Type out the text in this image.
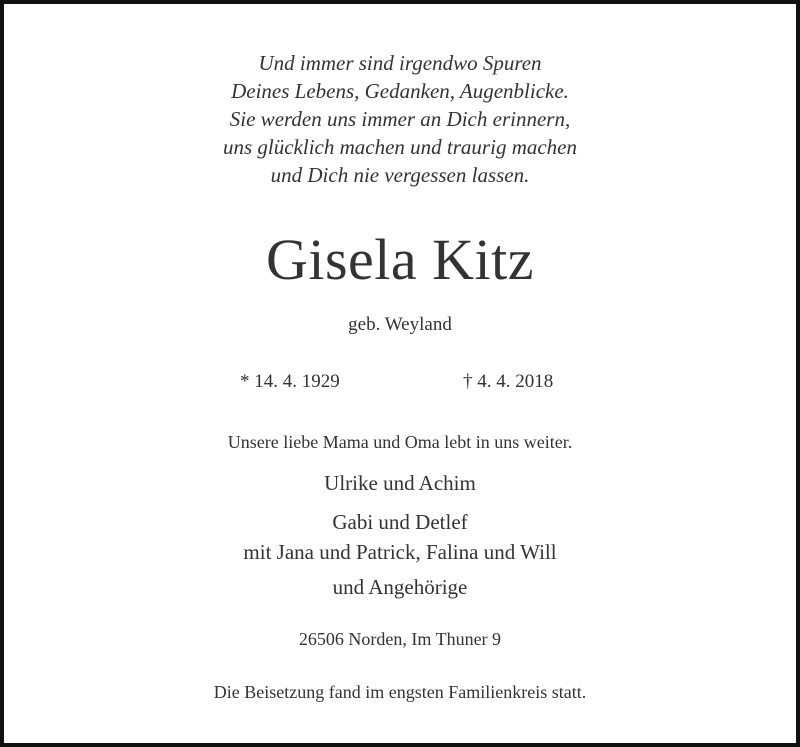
Und immer sind irgendwo Spuren
Deines Lebens, Gedanken, Augenblicke.
Sie werden uns immer an Dich erinnern,
uns glücklich machen und traurig machen
und Dich nie vergessen lassen.
Gisela Kitz
geb. Weyland
* 14. 4. 1929	† 4. 4. 2018
Unsere liebe Mama und Oma lebt in uns weiter.
Ulrike und Achim
Gabi und Detlef
mit Jana und Patrick, Falina und Will
und Angehörige
26506 Norden, Im Thuner 9
Die Beisetzung fand im engsten Familienkreis statt.
